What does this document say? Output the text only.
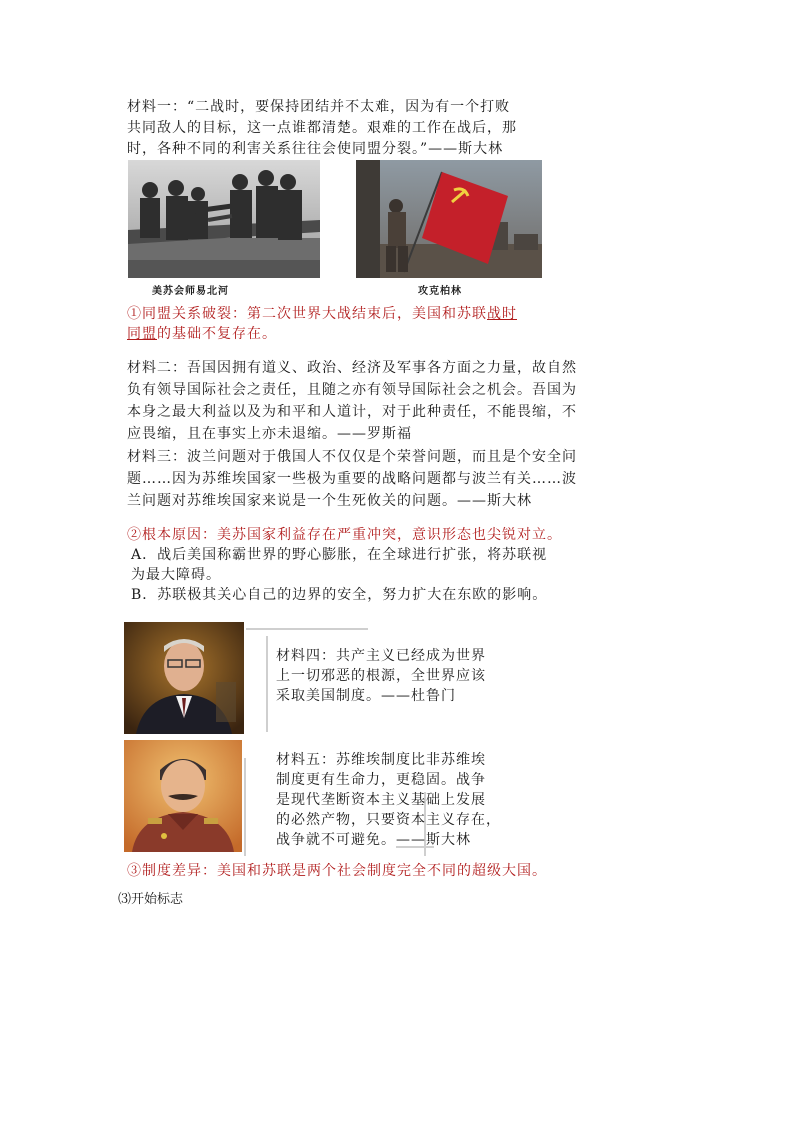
材料一：“二战时，要保持团结并不太难，因为有一个打败

共同敌人的目标，这一点谁都清楚。艰难的工作在战后，那

时，各种不同的利害关系往往会使同盟分裂。”——斯大林

美苏会师易北河	攻克柏林

①同盟关系破裂：第二次世界大战结束后，美国和苏联战时

同盟的基础不复存在。

材料二：吾国因拥有道义、政治、经济及军事各方面之力量，故自然

负有领导国际社会之责任，且随之亦有领导国际社会之机会。吾国为

本身之最大利益以及为和平和人道计，对于此种责任，不能畏缩，不

应畏缩，且在事实上亦未退缩。——罗斯福

材料三：波兰问题对于俄国人不仅仅是个荣誉问题，而且是个安全问

题……因为苏维埃国家一些极为重要的战略问题都与波兰有关……波

兰问题对苏维埃国家来说是一个生死攸关的问题。——斯大林

②根本原因：美苏国家利益存在严重冲突，意识形态也尖锐对立。

A．战后美国称霸世界的野心膨胀，在全球进行扩张，将苏联视

为最大障碍。

B．苏联极其关心自己的边界的安全，努力扩大在东欧的影响。

材料四：共产主义已经成为世界

上一切邪恶的根源，全世界应该

采取美国制度。——杜鲁门

材料五：苏维埃制度比非苏维埃

制度更有生命力，更稳固。战争

是现代垄断资本主义基础上发展

的必然产物，只要资本主义存在，

战争就不可避免。——斯大林

③制度差异：美国和苏联是两个社会制度完全不同的超级大国。

⑶开始标志
